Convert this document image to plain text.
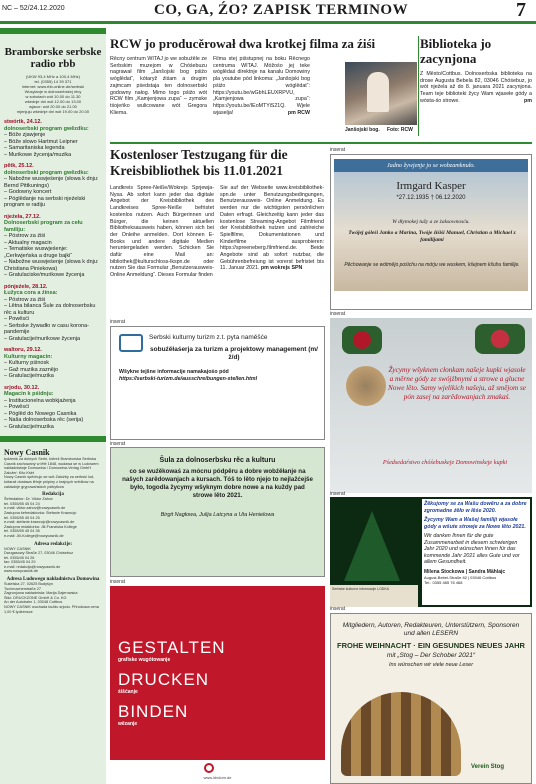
NC – 52/24.12.2020	CO, GA, ŹO? ZAPISK TERMINOW	7
Bramborske serbske radio rbb
(UKW 93,4 MHz a 100,4 MHz)
tel. (0355) 14 39 371
internet: www.rbb-online.de/serbski
Wusylanje w dolnoserbskej rěcy
w sobotach wót 10.00 do 11.30
wšednje dni wót 12.00 do 13.00
wjacor: wót 20.00 do 21.00
mjenjuju wšednje dni wót 19.00 do 20.00
stwórtk, 24.12.
dolnoserbski program gwězdku:
– Bóže zjawjenje
– Bóže słowo Hartmut Leipner
– Samaritaniska legenda
– Murikowe žycenja/muzika
pětk, 25.12.
dolnoserbski program gwězdku:
– Nabožne wuswjeśenje (słowa k dnju: Bernd Pittkunings)
– Godowny koncert
– Póglědanje na serbski njeźelski program w radiju
njeźela, 27.12.
Dolnoserbski program za cełu familiju:
– Póstrow za źiśi
– Aktualny magacin
– Tematiske wuswjeśenje: „Cerkwjeńska a druge bajki“
– Nabožne wuswjeśenje (słowa k dnju: Christiana Piniekowa)
– Gratulaciske/murikowe žycenja
pónjeźele, 28.12.
Łužyca cora a źinsa:
– Póstrow za źiśi
– Lětna bilanca Šule za dolnoserbsku rěc a kulturu
– Powěsći
– Serbske žywadło w casu korona-pandemije
– Gratulacije/murikowe žycenja
waltoru, 29.12.
Kulturny magacin:
– Kulturny pśinosk
– Gaž muzika zaznějo
– Gratulacije/muzika
srjodu, 30.12.
Magacin k pśidnju:
– Institucionelna wobkjaźenja
– Powěsći
– Póglěd do Nowego Casnika
– Naša dolnoserbska rěc (serija)
– Gratulacije/muzika
Nowy Casnik
tydźenik za dolnych Serbi, kótrež Bramborska Serbska Casnik zachowaný w lětě 1848, wudawa se w Ludowem nakładnistwje Domowina / Domowina-Verlag GmbH
Založeŕ: Kito Kśėt
Nowy Casnik spěchujo se wót Załožby za serbski lud, kótaraž dostawa lětnje pśipóry z krajnych srědkow na zakładnje grypowańskich pśibytkow
Redakcija
Šefredaktor: Dr. Viktor Zahov
tel. 0355/55 45 04 24
e-mail: viktor.zahov@nowycasnik.de
Zastupna šefredaktorka: Stefanie Krawcojc
tel. 0355/55 45 04 25
e-mail: stefanie.krawcojc@nowycasnik.de
Zastupna redaktorka: Jill-Franziska Kollege
tel. 0355/55 45 04 35
e-mail: Jill-Kollege@nowycasnik.de
Adresa redakcije:
NOWY CASNIK
Dwugasowy Straße 27, 03046 Chóśebuz
tel. 0355/45 04 26
fax: 0355/45 04 29
e-mail: redakcija@nowycasnik.de
www.nowycasnik.de
Adresa Ludowego nakładnistwa Domowina
Sukelska 27, 02625 Budyšyn
Tuchmacherstraße 27
Zagronjowa nakładnista: Marija Dajerowska
Śišć: DRUCKZONE GmbH & Co. KG
An der Autobahn 1, 03048 Cottbus
NOWY CASNIK wuchada kuždu srjodu. Přinošowa cena 1,00 € tydźensce
RCW jo producěrował dwa krotkej filma za źiśi
Rěcny centrum WITAJ jo we sobuźěle ze Serbskim muzejom w Chóśebuzu nagrawał film „Janšojski bog pśiźo wóglědat“, kótaryž źiśam a drugim zajmcam pśedstaja ten dolnoserbski godowny nałog. Mimo togo pśiźo wót RCW film „Kamjenjowa zupa“ – zymske tśojeńko wulicowane wót Gregora Kliema.
Filma stej pśistupnej na boku Rěcnego centruma WITAJ. Móžośo jej teke wóglědaś direktnje na kanalu Domowiny pla youtube pód linkoma: „Janšojski bog pśiźo wóglědat“: https://youtu.be/wGbhLEUXRPVU, „Kamjenjowa zupa“: https://youtu.be/IEoMTYiS21Q. Wjele wjaselja!	pm RCW
Janšojski bog. Foto: RCW
Biblioteka jo zacynjona
Z Město/Cottbus. Dolnoserbska biblioteka na drose Augusta Bebela 82, 03046 Chóśebuz, jo wót njeźela až do 8. januara 2021 zacynjona. Team teje biblioteki žycy Wam wjasełe gódy a wósta-śo strowe.	pm
Kostenloser Testzugang für die Kreisbibliothek bis 11.01.2021
Landkreis Spree-Neiße/Wokrejs Sprjewja-Nysa. Ab sofort kann jeder das digitale Angebot der Kreisbibliothek des Landkreises Spree-Neiße befristet kostenlos nutzen. Auch Bürgerinnen und Bürger, die keinen aktuellen Bibliotheksausweis haben, können sich bei der Onleihe anmelden. Dort können E-Books und andere digitale Medien heruntergeladen werden. Schicken Sie dafür eine Mail an: bibliothek@kulturschloss-lkspn.de oder nutzen Sie das Formular „Benutzerausweis-Online Anmeldung“. Dieses Formular finden
Sie auf der Webseite www.kreisbibliothek-spn.de unter Benutzungsbedingungen, Benutzerausweis- Online Anmeldung. Es werden nur die wichtigsten persönlichen Daten erfragt. Gleichzeitig kann jeder das kostenlose Streaming-Angebot Filmfriend der Kreisbibliothek nutzen und zahlreiche Spielfilme, Dokumentationen und Kinderfilme ausprobieren: https://spreeneberg.filmfriend.de. Beide Angebote sind ab sofort nutzbar, die Gebührenbefreiung ist vorerst befristet bis 11. Januar 2021. pm wokrejs SPN
inserat
Serbski kulturny turizm z.t. pyta naměšće
sobuźěłaśerja za turizm a projektowy management (m/ž/d)
Wšykne tejšne informacije namakajośo pód
https://serbski-turizm.de/ausschreibungen-stellen.html
inserat
Šula za dolnoserbsku rěc a kulturu
co se wuźěkowaś za mócnu pódpěru a dobre wobźěłanje na našych zarědowanjach a kursach. Tóš to lěto njejo to nejlažćejše było, togodla žycymy wšyknym dobre nowe a na kuždy pad strowe lěto 2021.
Birgit Nagłowa, Julija Latcyna a Uta Henielowa
inserat
GESTALTEN
grafiske wugótowanje
DRUCKEN
śišćanje
BINDEN
wězanje
www.ldvdom.de
inserat
Jadno žywjenje jo se wobzamknuło.
Irmgard Kasper
*27.12.1935 † 06.12.2020
W dłymokej tužy a ze żaksownosću.
Twójej góleśi Janko a Marina, Twóje źiśiśi Manuel, Christian a Michael z familijami
Pěchowanje se wótmějo pośichu na mórju we wuskem, kšejnem kšuhu familije.
inserat
Žycymy wšyknem cłonkam našeje kupki wjasołe a měrne gódy ze swójźbnymi a strowe a glucne Nowe lěto. Samy wjelikich našeju, až smějom se pón zasej na zarědowanjach zmakaś.
Pśedsedaŕstwo chóśebuskeje Domowinskeje kupki
inserat
Serbske kulturne informacije LODKA
Žěkujomy se za Wašu dowěru a za dobre zgromadne źěło w lěśe 2020.
Žycymy Wam a Wašej familiji wjasołe gódy a wšute strowje za Nowe lěto 2021.
Wir danken Ihnen für die gute Zusammenarbeit in diesem schwierigen Jahr 2020 und wünschen Ihnen für das kommende Jahr 2021 alles Gute und vor allem Gesundheit.
Milena Stockowa | Sandra Mählajc
August-Bebel-Straße 82 | 03046 Cottbus
Tel.: 0355 485 76 468
inserat
Mitgliedern, Autoren, Redakteuren, Unterstützern, Sponsoren und allen LESERN
FROHE WEIHNACHT · EIN GESUNDES NEUES JAHR
mit „Stog – Der Schober 2021“
Ins wünschen wir viele neue Leser
Verein Stog
